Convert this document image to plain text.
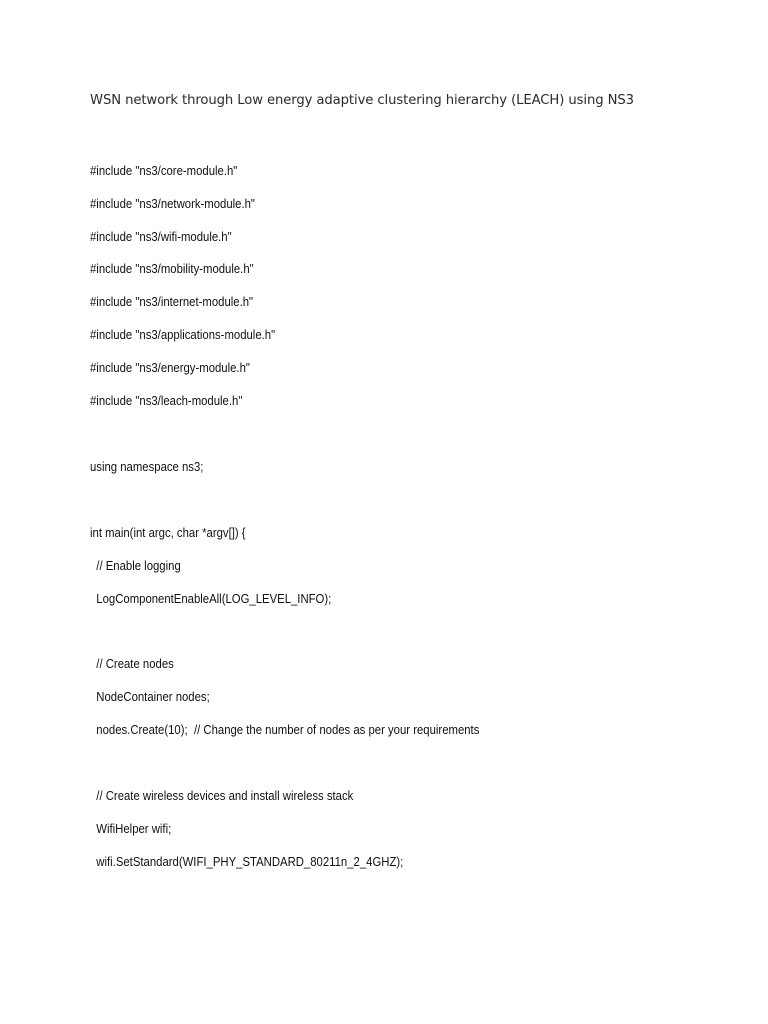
WSN network through Low energy adaptive clustering hierarchy (LEACH) using NS3
#include "ns3/core-module.h"
#include "ns3/network-module.h"
#include "ns3/wifi-module.h"
#include "ns3/mobility-module.h"
#include "ns3/internet-module.h"
#include "ns3/applications-module.h"
#include "ns3/energy-module.h"
#include "ns3/leach-module.h"
using namespace ns3;
int main(int argc, char *argv[]) {
// Enable logging
LogComponentEnableAll(LOG_LEVEL_INFO);
// Create nodes
NodeContainer nodes;
nodes.Create(10);  // Change the number of nodes as per your requirements
// Create wireless devices and install wireless stack
WifiHelper wifi;
wifi.SetStandard(WIFI_PHY_STANDARD_80211n_2_4GHZ);
